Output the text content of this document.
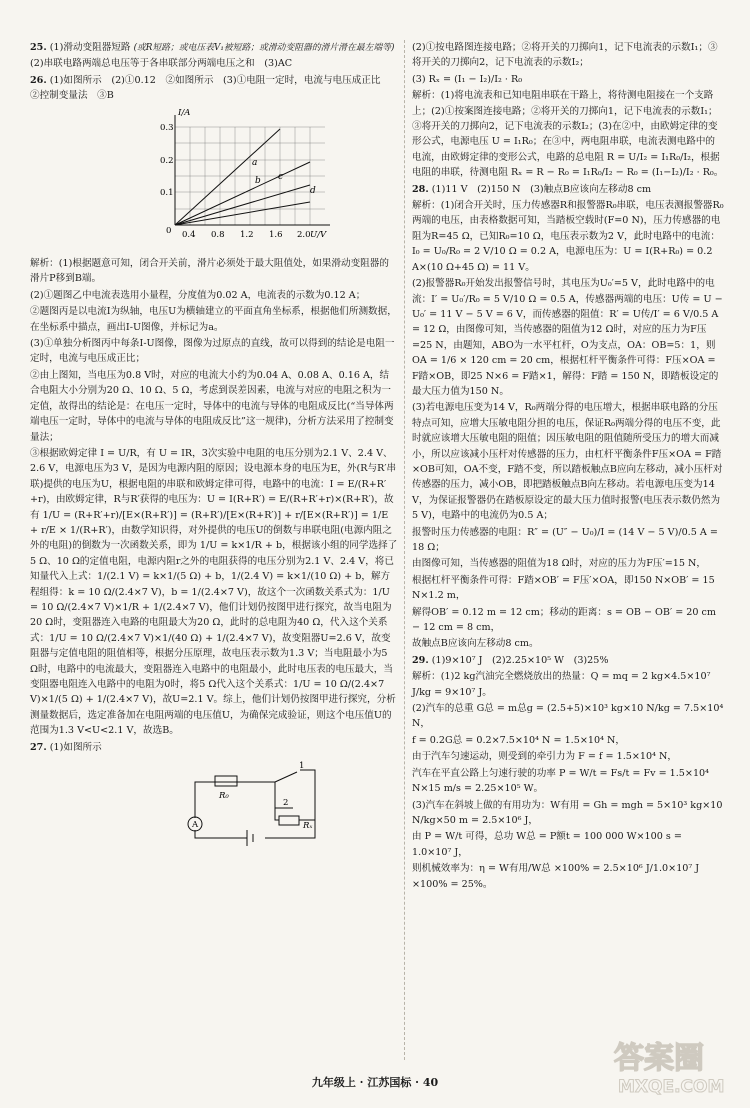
25. (1)滑动变阻器短路 (或R短路；或电压表V₁被短路；或滑动变阻器的滑片滑在最左端等) (2)串联电路两端总电压等于各串联部分两端电压之和　(3)AC

26. (1)如图所示　(2)①0.12　②如图所示　(3)①电阻一定时，电流与电压成正比　②控制变量法　③B

a
b c
d
I/A
U/V
0
0.1
0.2
0.3
0.4 0.8 1.2 1.6 2.0

解析：(1)根据题意可知，闭合开关前，滑片必须处于最大阻值处，如果滑动变阻器的滑片P移到B端。

(2)①题图乙中电流表选用小量程，分度值为0.02 A，电流表的示数为0.12 A；

②题图丙是以电流I为纵轴，电压U为横轴建立的平面直角坐标系，根据他们所测数据，在坐标系中描点，画出I-U图像，并标记为a。

(3)①单独分析图丙中每条I-U图像，图像为过原点的直线，故可以得到的结论是电阻一定时，电流与电压成正比；

②由上图知，当电压为0.8 V时，对应的电流大小约为0.04 A、0.08 A、0.16 A，结合电阻大小分别为20 Ω、10 Ω、5 Ω，考虑到误差因素，电流与对应的电阻之积为一定值，故得出的结论是：在电压一定时，导体中的电流与导体的电阻成反比(“当导体两端电压一定时，导体中的电流与导体的电阻成反比”这一规律)，分析方法采用了控制变量法；

③根据欧姆定律 I = U/R，有 U = IR，3次实验中电阻的电压分别为2.1 V、2.4 V、2.6 V，电源电压为3 V，是因为电源内阻的原因；设电源本身的电压为E，外(R与R′串联)提供的电压为U，根据电阻的串联和欧姆定律可得，电路中的电流：I = E/(R+R′+r)，由欧姆定律，R与R′获得的电压为：U = I(R+R′) = E/(R+R′+r)×(R+R′)，故有 1/U = (R+R′+r)/[E×(R+R′)] = (R+R′)/[E×(R+R′)] + r/[E×(R+R′)] = 1/E + r/E × 1/(R+R′)，由数学知识得，对外提供的电压U的倒数与串联电阻(电源内阻之外的电阻)的倒数为一次函数关系，即为 1/U = k×1/R + b，根据该小组的同学选择了5 Ω、10 Ω的定值电阻，电源内阻r之外的电阻获得的电压分别为2.1 V、2.4 V，将已知量代入上式：1/(2.1 V) = k×1/(5 Ω) + b，1/(2.4 V) = k×1/(10 Ω) + b，解方程组得：k = 10 Ω/(2.4×7 V)，b = 1/(2.4×7 V)，故这个一次函数关系式为：1/U = 10 Ω/(2.4×7 V)×1/R + 1/(2.4×7 V)，他们计划仍按图甲进行探究，故当电阻为20 Ω时，变阻器连入电路的电阻最大为20 Ω，此时的总电阻为40 Ω，代入这个关系式：1/U = 10 Ω/(2.4×7 V)×1/(40 Ω) + 1/(2.4×7 V)，故变阻器U=2.6 V，故变阻器与定值电阻的阻值相等，根据分压原理，故电压表示数为1.3 V；当电阻最小为5 Ω时，电路中的电流最大，变阻器连入电路中的电阻最小，此时电压表的电压最大，当变阻器电阻连入电路中的电阻为0时，将5 Ω代入这个关系式：1/U = 10 Ω/(2.4×7 V)×1/(5 Ω) + 1/(2.4×7 V)，故U=2.1 V。综上，他们计划仍按图甲进行探究，分析测量数据后，选定准备加在电阻两端的电压值U，为确保完成验证，则这个电压值U的范围为1.3 V<U<2.1 V，故选B。

27. (1)如图所示

A
R₀
Rₓ
1
2

(2)①按电路图连接电路；②将开关的刀掷向1，记下电流表的示数I₁；③将开关的刀掷向2，记下电流表的示数I₂；

(3) Rₓ = (I₁ − I₂)/I₂ · R₀

解析：(1)将电流表和已知电阻串联在干路上，将待测电阻接在一个支路上；(2)①按案图连接电路；②将开关的刀掷向1，记下电流表的示数I₁；③将开关的刀掷向2，记下电流表的示数I₂；(3)在②中，由欧姆定律的变形公式，电源电压 U = I₁R₀；在③中，两电阻串联，电流表测电路中的电流，由欧姆定律的变形公式，电路的总电阻 R = U/I₂ = I₁R₀/I₂，根据电阻的串联，待测电阻 Rₓ = R − R₀ = I₁R₀/I₂ − R₀ = (I₁−I₂)/I₂ · R₀。

28. (1)11 V　(2)150 N　(3)触点B应该向左移动8 cm

解析：(1)闭合开关时，压力传感器R和报警器R₀串联，电压表测报警器R₀两端的电压，由表格数据可知，当踏板空载时(F=0 N)，压力传感器的电阻为R=45 Ω，已知R₀=10 Ω，电压表示数为2 V，此时电路中的电流：I₀ = U₀/R₀ = 2 V/10 Ω = 0.2 A，电源电压为：U = I(R+R₀) = 0.2 A×(10 Ω+45 Ω) = 11 V。

(2)报警器R₀开始发出报警信号时，其电压为U₀′=5 V，此时电路中的电流：I′ = U₀′/R₀ = 5 V/10 Ω = 0.5 A，传感器两端的电压：U传 = U − U₀′ = 11 V − 5 V = 6 V，而传感器的阻值：R′ = U传/I′ = 6 V/0.5 A = 12 Ω，由图像可知，当传感器的阻值为12 Ω时，对应的压力为F压=25 N，由题知，ABO为一水平杠杆，O为支点，OA：OB=5：1，则 OA = 1/6 × 120 cm = 20 cm，根据杠杆平衡条件可得：F压×OA = F踏×OB，即25 N×6 = F踏×1，解得：F踏 = 150 N，即踏板设定的最大压力值为150 N。

(3)若电源电压变为14 V，R₀两端分得的电压增大，根据串联电路的分压特点可知，应增大压敏电阻分担的电压，保证R₀两端分得的电压不变，此时就应该增大压敏电阻的阻值；因压敏电阻的阻值随所受压力的增大而减小，所以应该减小压杆对传感器的压力，由杠杆平衡条件F压×OA = F踏×OB可知，OA不变，F踏不变，所以踏板触点B应向左移动，减小压杆对传感器的压力，减小OB，即把踏板触点B向左移动。若电源电压变为14 V，为保证报警器仍在踏板原设定的最大压力值时报警(电压表示数仍然为5 V)，电路中的电流仍为0.5 A；

报警时压力传感器的电阻：R″ = (U″ − U₀)/I = (14 V − 5 V)/0.5 A = 18 Ω；

由图像可知，当传感器的阻值为18 Ω时，对应的压力为F压′=15 N，

根据杠杆平衡条件可得：F踏×OB′ = F压′×OA，即150 N×OB′ = 15 N×1.2 m，

解得OB′ = 0.12 m = 12 cm；移动的距离：s = OB − OB′ = 20 cm − 12 cm = 8 cm，

故触点B应该向左移动8 cm。

29. (1)9×10⁷ J　(2)2.25×10⁵ W　(3)25%

解析：(1)2 kg汽油完全燃烧放出的热量：Q = mq = 2 kg×4.5×10⁷ J/kg = 9×10⁷ J。

(2)汽车的总重 G总 = m总g = (2.5+5)×10³ kg×10 N/kg = 7.5×10⁴ N，

f = 0.2G总 = 0.2×7.5×10⁴ N = 1.5×10⁴ N，

由于汽车匀速运动，则受到的牵引力为 F = f = 1.5×10⁴ N，

汽车在平直公路上匀速行驶的功率 P = W/t = Fs/t = Fv = 1.5×10⁴ N×15 m/s = 2.25×10⁵ W。

(3)汽车在斜坡上做的有用功为：W有用 = Gh = mgh = 5×10³ kg×10 N/kg×50 m = 2.5×10⁶ J，

由 P = W/t 可得，总功 W总 = P额t = 100 000 W×100 s = 1.0×10⁷ J，

则机械效率为：η = W有用/W总 ×100% = 2.5×10⁶ J/1.0×10⁷ J ×100% = 25%。

九年级上 · 江苏国标 · 40
答案圈
MXQE.COM
